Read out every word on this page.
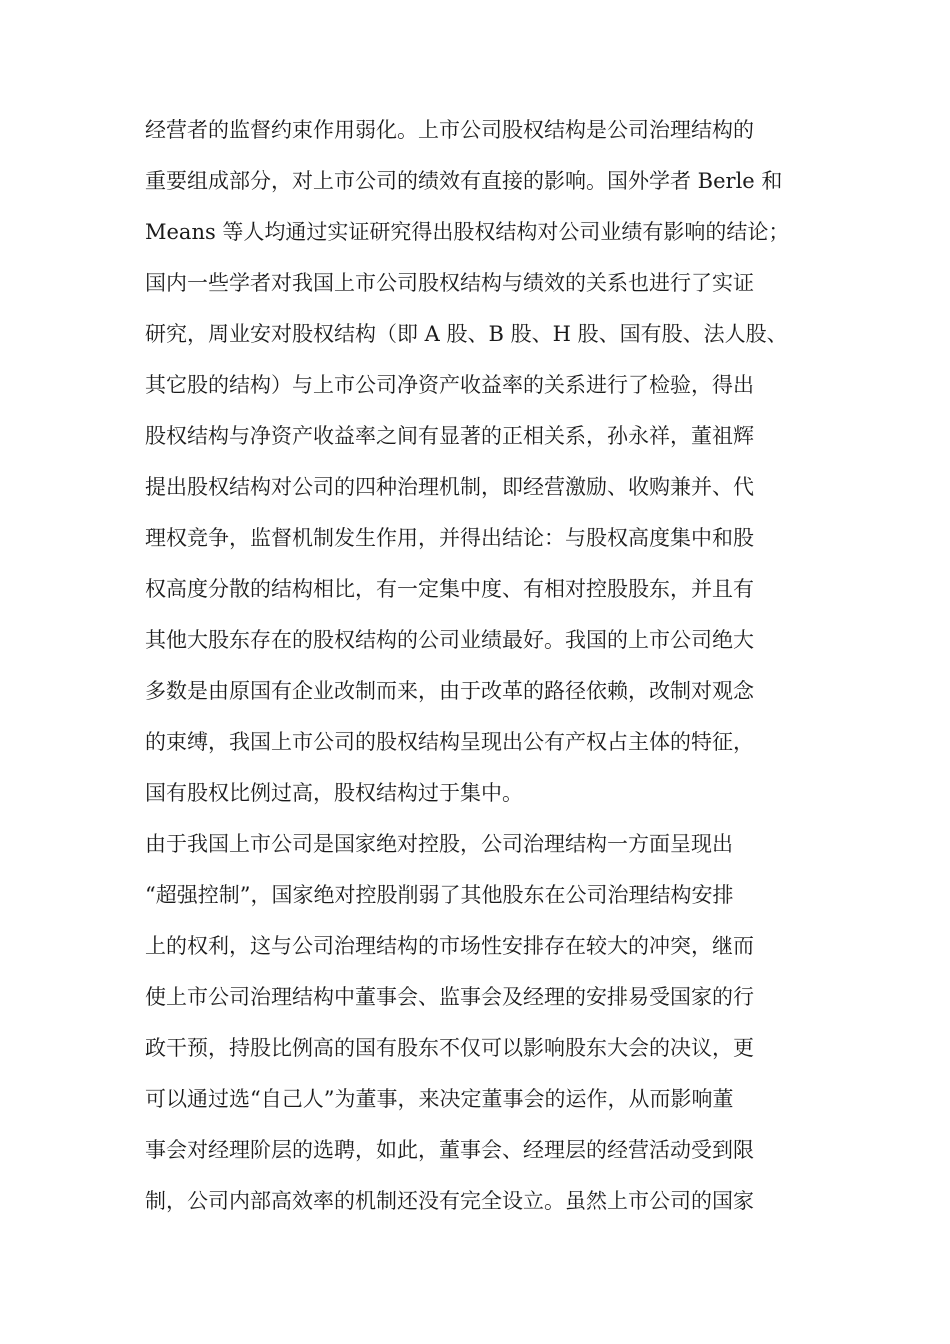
经营者的监督约束作用弱化。上市公司股权结构是公司治理结构的
重要组成部分，对上市公司的绩效有直接的影响。国外学者 Berle 和
Means 等人均通过实证研究得出股权结构对公司业绩有影响的结论；
国内一些学者对我国上市公司股权结构与绩效的关系也进行了实证
研究，周业安对股权结构（即 A 股、B 股、H 股、国有股、法人股、
其它股的结构）与上市公司净资产收益率的关系进行了检验，得出
股权结构与净资产收益率之间有显著的正相关系，孙永祥，董祖辉
提出股权结构对公司的四种治理机制，即经营激励、收购兼并、代
理权竞争，监督机制发生作用，并得出结论：与股权高度集中和股
权高度分散的结构相比，有一定集中度、有相对控股股东，并且有
其他大股东存在的股权结构的公司业绩最好。我国的上市公司绝大
多数是由原国有企业改制而来，由于改革的路径依赖，改制对观念
的束缚，我国上市公司的股权结构呈现出公有产权占主体的特征，
国有股权比例过高，股权结构过于集中。
由于我国上市公司是国家绝对控股，公司治理结构一方面呈现出
“超强控制”，国家绝对控股削弱了其他股东在公司治理结构安排
上的权利，这与公司治理结构的市场性安排存在较大的冲突，继而
使上市公司治理结构中董事会、监事会及经理的安排易受国家的行
政干预，持股比例高的国有股东不仅可以影响股东大会的决议，更
可以通过选“自己人”为董事，来决定董事会的运作，从而影响董
事会对经理阶层的选聘，如此，董事会、经理层的经营活动受到限
制，公司内部高效率的机制还没有完全设立。虽然上市公司的国家
